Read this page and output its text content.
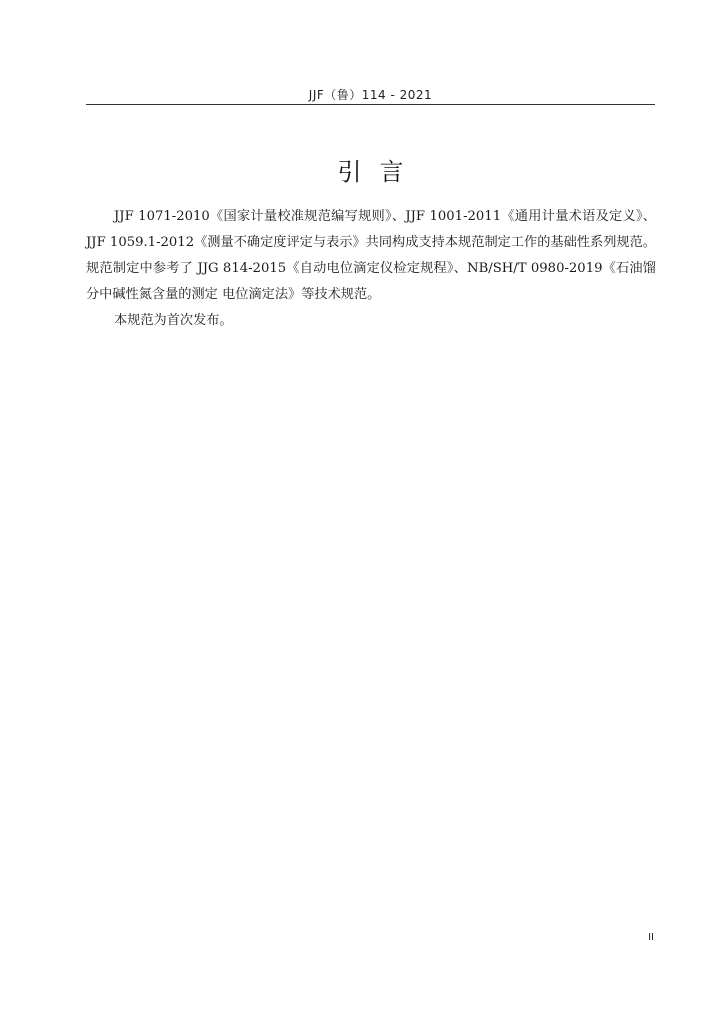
JJF（鲁）114 - 2021
引言

JJF 1071-2010《国家计量校准规范编写规则》、JJF 1001-2011《通用计量术语及定义》、JJF 1059.1-2012《测量不确定度评定与表示》共同构成支持本规范制定工作的基础性系列规范。规范制定中参考了 JJG 814-2015《自动电位滴定仪检定规程》、NB/SH/T 0980-2019《石油馏分中碱性氮含量的测定 电位滴定法》等技术规范。

本规范为首次发布。

II
